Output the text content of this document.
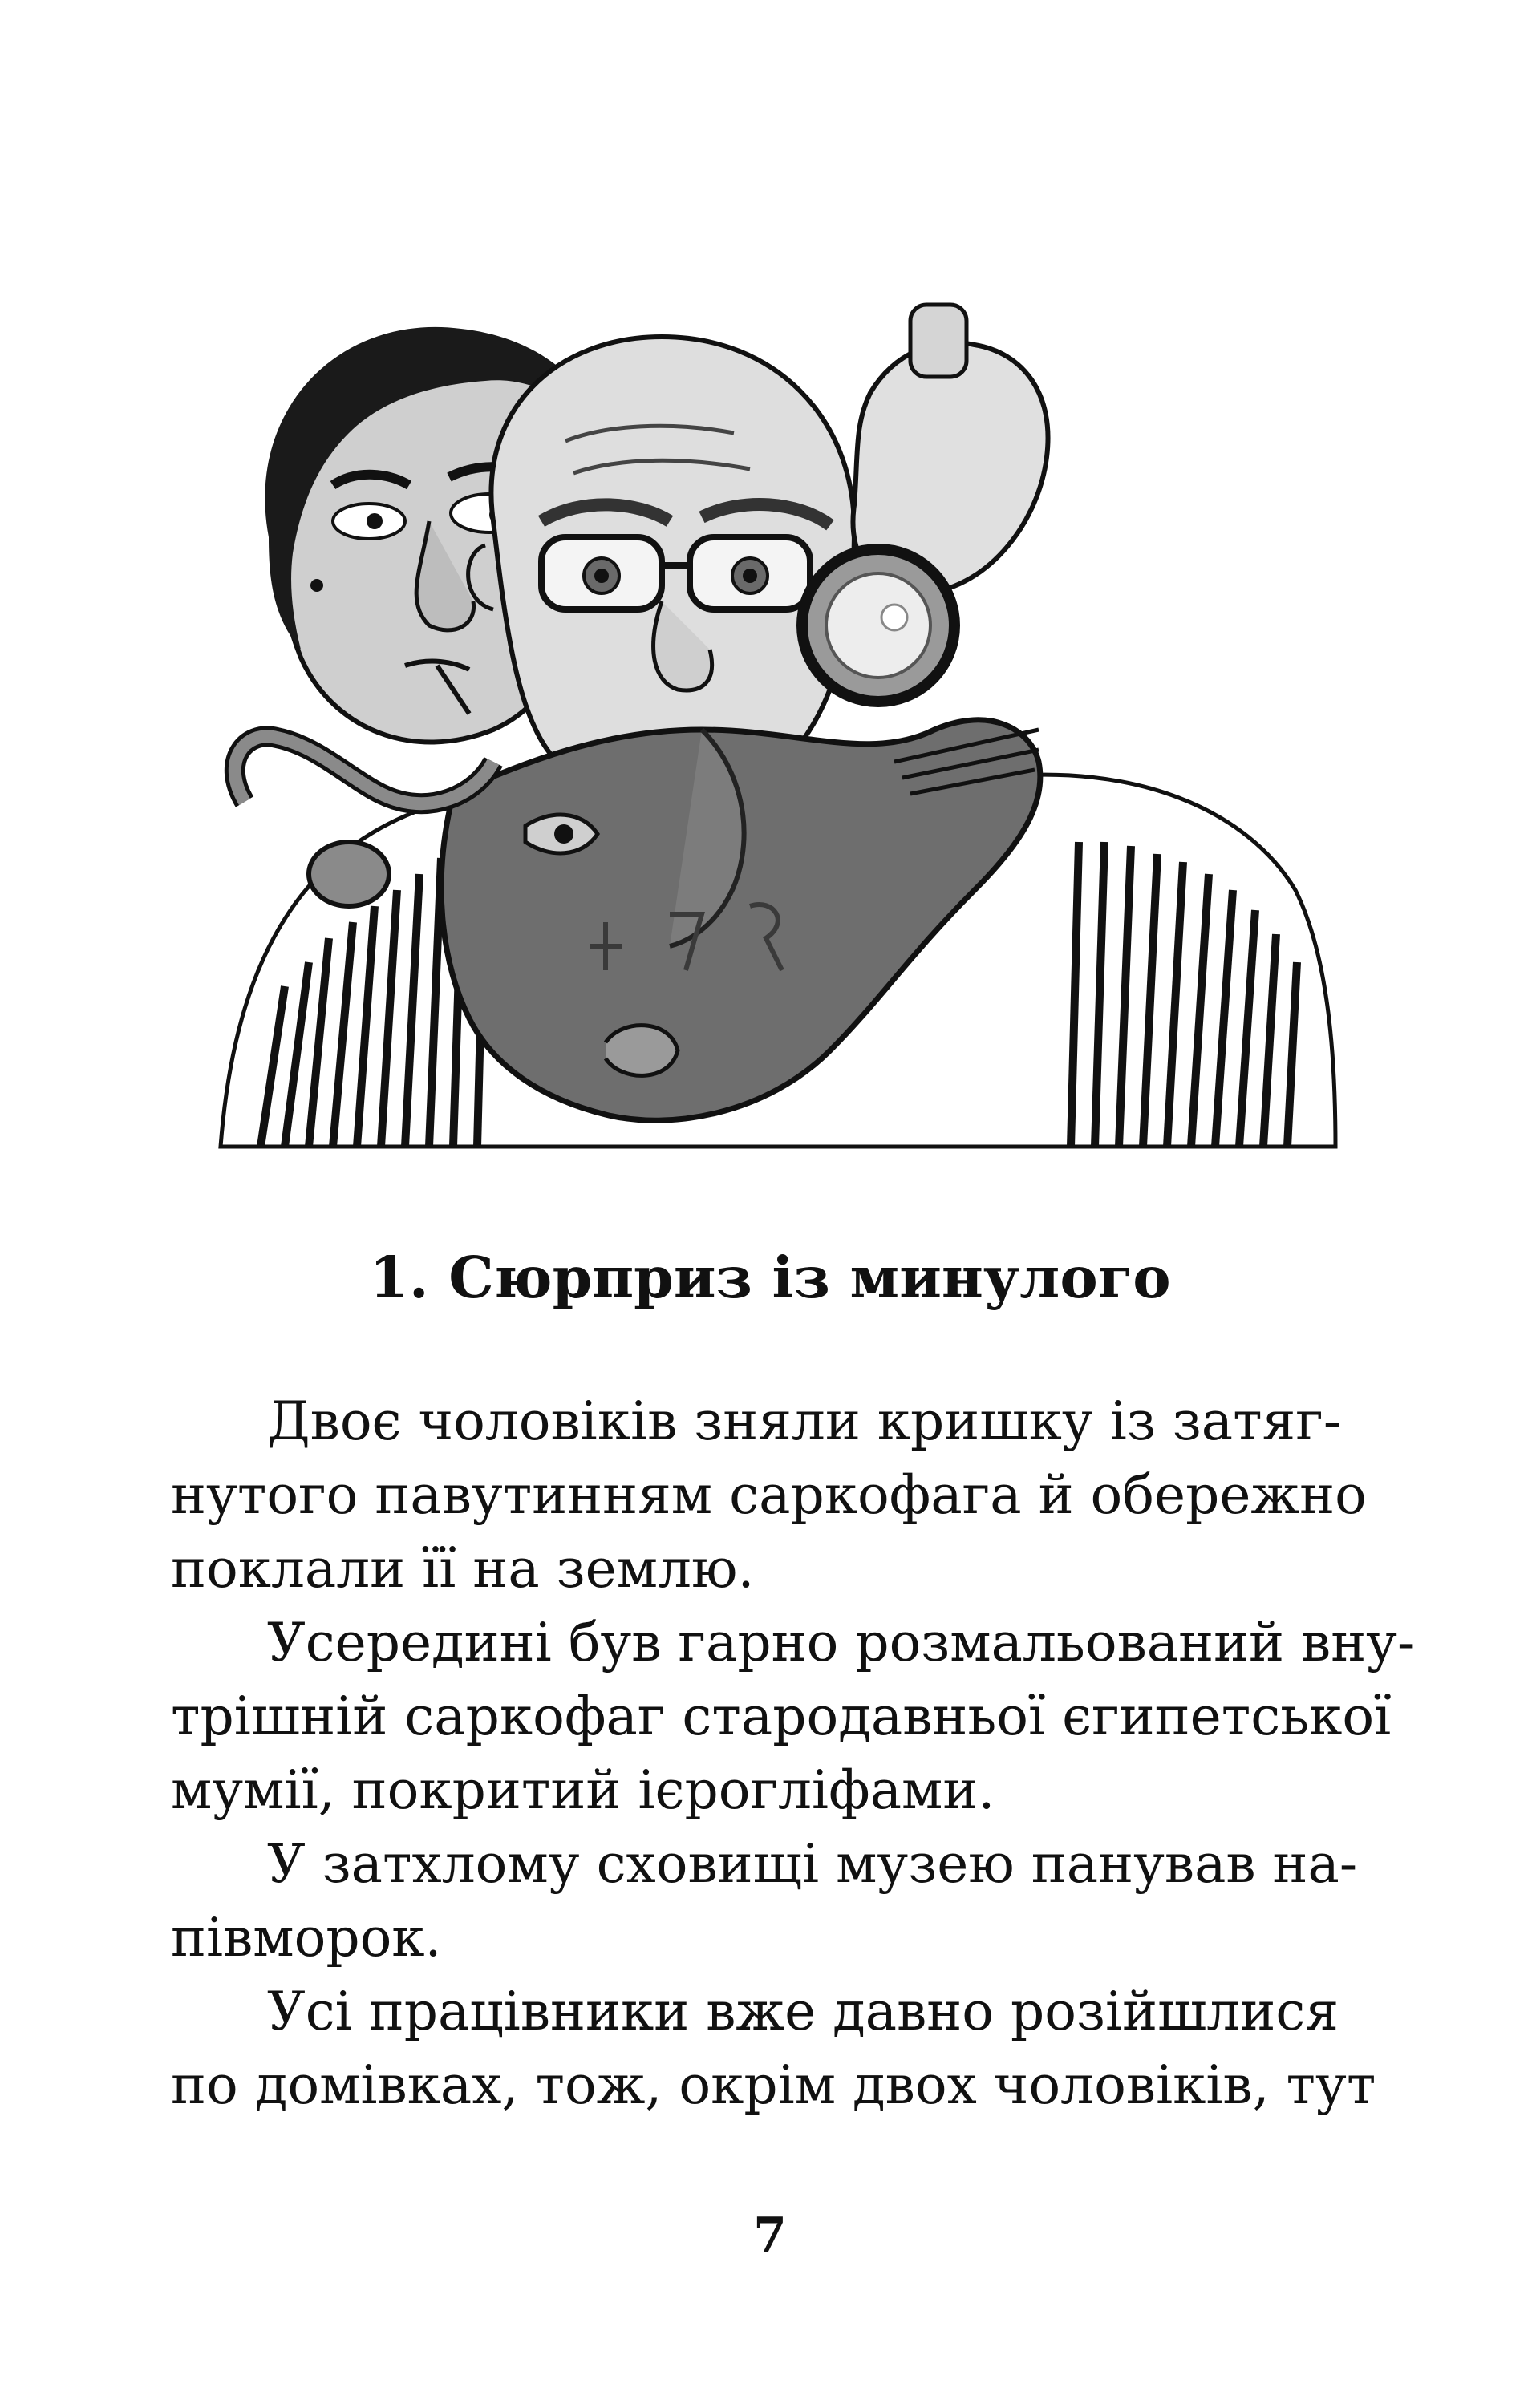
1. Сюрприз із минулого
Двоє чоловіків зняли кришку із затяг-
нутого павутинням саркофага й обережно
поклали її на землю.
Усередині був гарно розмальований вну-
трішній саркофаг стародавньої єгипетської
мумії, покритий ієрогліфами.
У затхлому сховищі музею панував на-
півморок.
Усі працівники вже давно розійшлися
по домівках, тож, окрім двох чоловіків, тут
7
